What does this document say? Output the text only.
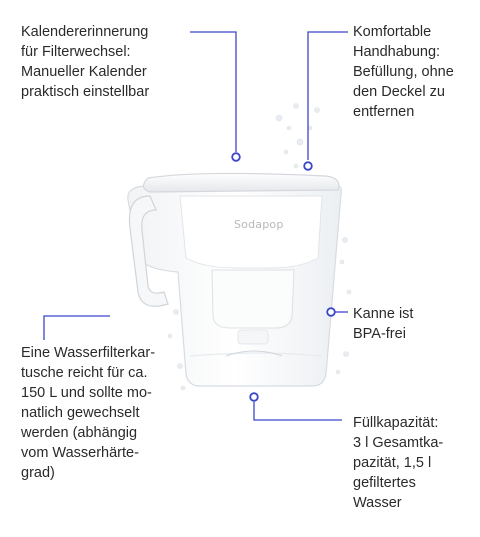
Sodapop
Kalendererinnerung
für Filterwechsel:
Manueller Kalender
praktisch einstellbar
Komfortable
Handhabung:
Befüllung, ohne
den Deckel zu
entfernen
Kanne ist
BPA-frei
Eine Wasserfilterkar-
tusche reicht für ca.
150 L und sollte mo-
natlich gewechselt
werden (abhängig
vom Wasserhärte-
grad)
Füllkapazität:
3 l Gesamtka-
pazität, 1,5 l
gefiltertes
Wasser
